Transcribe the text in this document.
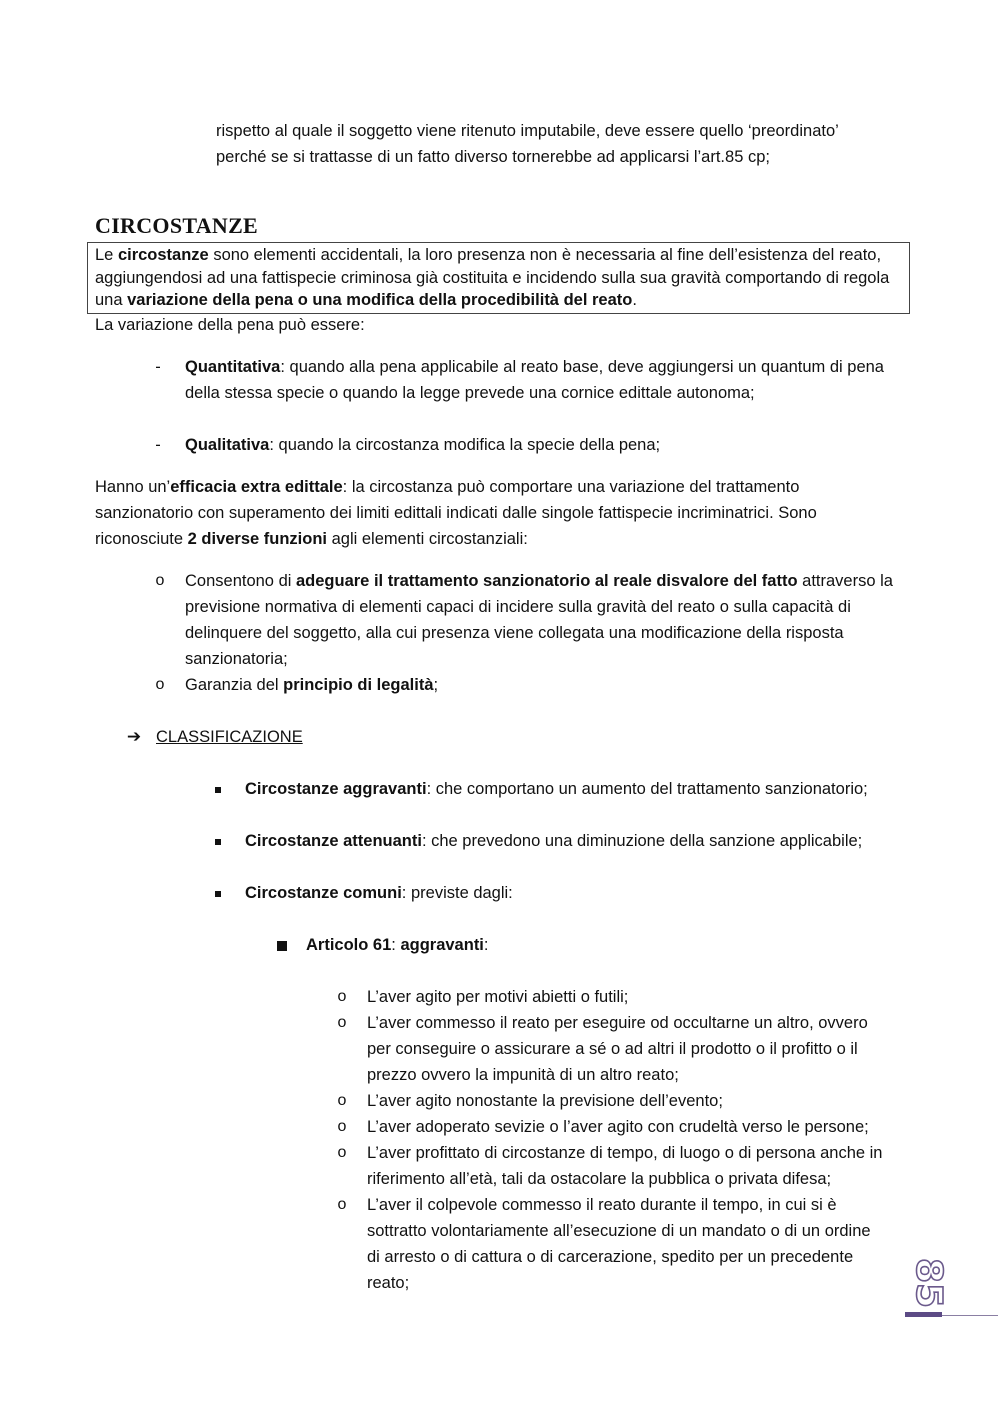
rispetto al quale il soggetto viene ritenuto imputabile, deve essere quello ‘preordinato’

perché se si trattasse di un fatto diverso tornerebbe ad applicarsi l’art.85 cp;

CIRCOSTANZE
Le circostanze sono elementi accidentali, la loro presenza non è necessaria al fine dell’esistenza del reato, aggiungendosi ad una fattispecie criminosa già costituita e incidendo sulla sua gravità comportando di regola una variazione della pena o una modifica della procedibilità del reato.

La variazione della pena può essere:

-	Quantitativa: quando alla pena applicabile al reato base, deve aggiungersi un quantum di pena

della stessa specie o quando la legge prevede una cornice edittale autonoma;

-	Qualitativa: quando la circostanza modifica la specie della pena;

Hanno un’efficacia extra edittale: la circostanza può comportare una variazione del trattamento

sanzionatorio con superamento dei limiti edittali indicati dalle singole fattispecie incriminatrici. Sono

riconosciute 2 diverse funzioni agli elementi circostanziali:

o Consentono di adeguare il trattamento sanzionatorio al reale disvalore del fatto attraverso la

previsione normativa di elementi capaci di incidere sulla gravità del reato o sulla capacità di

delinquere del soggetto, alla cui presenza viene collegata una modificazione della risposta

sanzionatoria;

o Garanzia del principio di legalità;

➔ CLASSIFICAZIONE

Circostanze aggravanti: che comportano un aumento del trattamento sanzionatorio;

Circostanze attenuanti: che prevedono una diminuzione della sanzione applicabile;

Circostanze comuni: previste dagli:

Articolo 61: aggravanti:

o L’aver agito per motivi abietti o futili;

o L’aver commesso il reato per eseguire od occultarne un altro, ovvero

per conseguire o assicurare a sé o ad altri il prodotto o il profitto o il

prezzo ovvero la impunità di un altro reato;

o L’aver agito nonostante la previsione dell’evento;

o L’aver adoperato sevizie o l’aver agito con crudeltà verso le persone;

o L’aver profittato di circostanze di tempo, di luogo o di persona anche in

riferimento all’età, tali da ostacolare la pubblica o privata difesa;

o L’aver il colpevole commesso il reato durante il tempo, in cui si è

sottratto volontariamente all’esecuzione di un mandato o di un ordine

di arresto o di cattura o di carcerazione, spedito per un precedente

reato;	85
